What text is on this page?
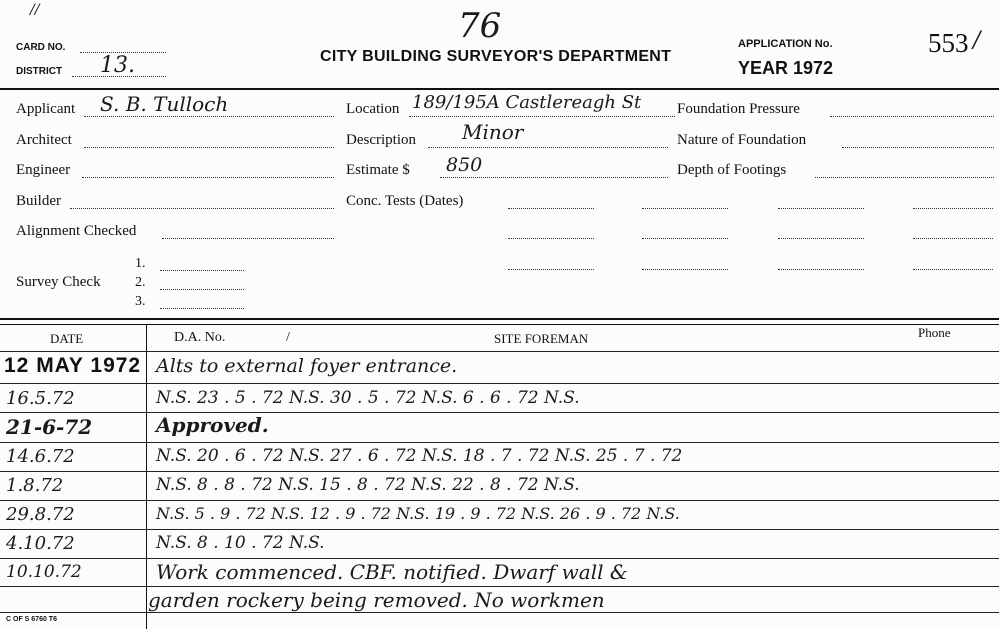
//	76
CARD NO.
DISTRICT 13.	CITY BUILDING SURVEYOR'S DEPARTMENT
APPLICATION No.
YEAR 1972
553 /
Applicant S. B. Tulloch
Architect
Engineer
Builder
Alignment Checked
Survey Check
1.
2.
3.
Location 189/195A Castlereagh St
Description Minor
Estimate $ 850
Conc. Tests (Dates)
Foundation Pressure
Nature of Foundation
Depth of Footings
DATE	D.A. No.	/	SITE FOREMAN	Phone
12 MAY 1972 Alts to external foyer entrance.
16.5.72	N.S. 23 . 5 . 72 N.S. 30 . 5 . 72 N.S. 6 . 6 . 72 N.S.
21-6-72	Approved.
14.6.72	N.S. 20 . 6 . 72 N.S. 27 . 6 . 72 N.S. 18 . 7 . 72 N.S. 25 . 7 . 72
1.8.72	N.S. 8 . 8 . 72 N.S. 15 . 8 . 72 N.S. 22 . 8 . 72 N.S.
29.8.72	N.S. 5 . 9 . 72 N.S. 12 . 9 . 72 N.S. 19 . 9 . 72 N.S. 26 . 9 . 72 N.S.
4.10.72	N.S. 8 . 10 . 72 N.S.
10.10.72	Work commenced. CBF. notified. Dwarf wall &
garden rockery being removed. No workmen
C OF S 6760 T6
